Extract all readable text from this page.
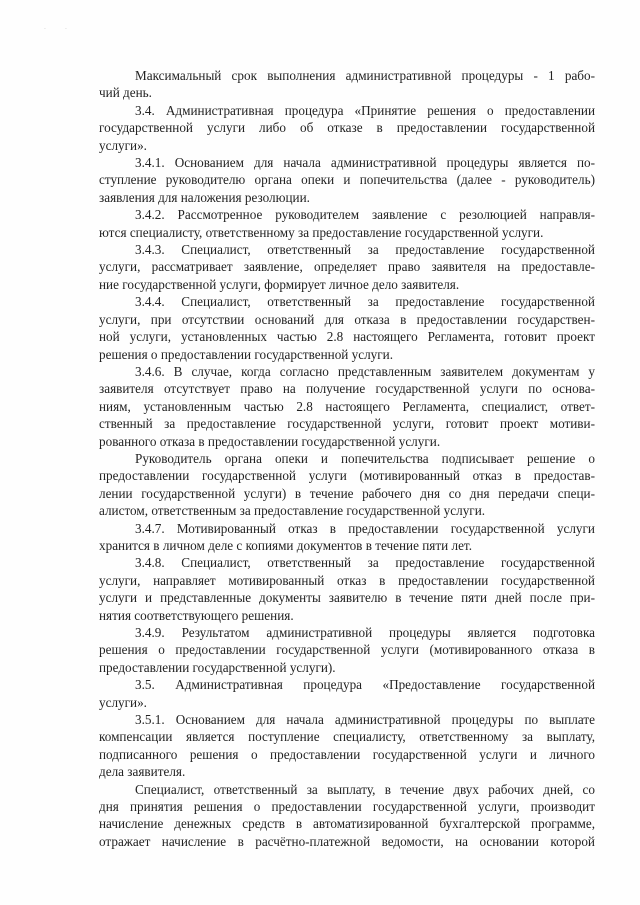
·	·
Максимальный срок выполнения административной процедуры - 1 рабо-
чий день.
3.4. Административная процедура «Принятие решения о предоставлении
государственной услуги либо об отказе в предоставлении государственной
услуги».
3.4.1. Основанием для начала административной процедуры является по-
ступление руководителю органа опеки и попечительства (далее - руководитель)
заявления для наложения резолюции.
3.4.2. Рассмотренное руководителем заявление с резолюцией направля-
ются специалисту, ответственному за предоставление государственной услуги.
3.4.3. Специалист, ответственный за предоставление государственной
услуги, рассматривает заявление, определяет право заявителя на предоставле-
ние государственной услуги, формирует личное дело заявителя.
3.4.4. Специалист, ответственный за предоставление государственной
услуги, при отсутствии оснований для отказа в предоставлении государствен-
ной услуги, установленных частью 2.8 настоящего Регламента, готовит проект
решения о предоставлении государственной услуги.
3.4.6. В случае, когда согласно представленным заявителем документам у
заявителя отсутствует право на получение государственной услуги по основа-
ниям, установленным частью 2.8 настоящего Регламента, специалист, ответ-
ственный за предоставление государственной услуги, готовит проект мотиви-
рованного отказа в предоставлении государственной услуги.
Руководитель органа опеки и попечительства подписывает решение о
предоставлении государственной услуги (мотивированный отказ в предостав-
лении государственной услуги) в течение рабочего дня со дня передачи специ-
алистом, ответственным за предоставление государственной услуги.
3.4.7. Мотивированный отказ в предоставлении государственной услуги
хранится в личном деле с копиями документов в течение пяти лет.
3.4.8. Специалист, ответственный за предоставление государственной
услуги, направляет мотивированный отказ в предоставлении государственной
услуги и представленные документы заявителю в течение пяти дней после при-
нятия соответствующего решения.
3.4.9. Результатом административной процедуры является подготовка
решения о предоставлении государственной услуги (мотивированного отказа в
предоставлении государственной услуги).
3.5. Административная процедура «Предоставление государственной
услуги».
3.5.1. Основанием для начала административной процедуры по выплате
компенсации является поступление специалисту, ответственному за выплату,
подписанного решения о предоставлении государственной услуги и личного
дела заявителя.
Специалист, ответственный за выплату, в течение двух рабочих дней, со
дня принятия решения о предоставлении государственной услуги, производит
начисление денежных средств в автоматизированной бухгалтерской программе,
отражает начисление в расчётно-платежной ведомости, на основании которой
